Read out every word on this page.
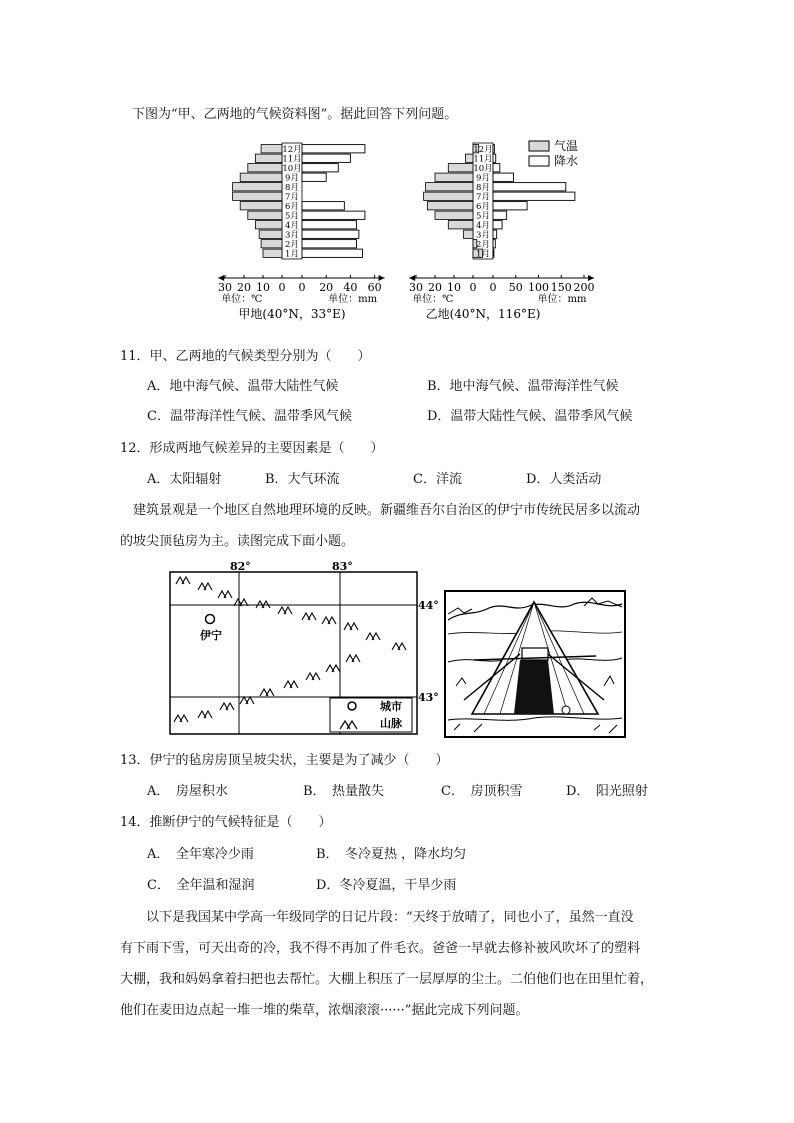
下图为“甲、乙两地的气候资料图”。据此回答下列问题。
1月
2月
3月
4月
5月
6月
7月
8月
9月
10月
11月
12月
30 20 10 0 0 20 40 60
单位：℃	单位：mm
甲地(40°N，33°E)
1月
2月
3月
4月
5月
6月
7月
8月
9月
10月
11月
12月
30 20 10 0 0 50 100 150 200
单位：℃	单位：mm
乙地(40°N，116°E)
气温
降水
11．甲、乙两地的气候类型分别为（　　）
A．地中海气候、温带大陆性气候	B．地中海气候、温带海洋性气候
C．温带海洋性气候、温带季风气候	D．温带大陆性气候、温带季风气候
12．形成两地气候差异的主要因素是（　　）
A．太阳辐射	B．大气环流	C．洋流	D．人类活动
建筑景观是一个地区自然地理环境的反映。新疆维吾尔自治区的伊宁市传统民居多以流动
的坡尖顶毡房为主。读图完成下面小题。
82°	83°
44°
43°
伊宁
城市
山脉
13．伊宁的毡房房顶呈坡尖状，主要是为了减少（　　）
A．　房屋积水	B．　热量散失	C．　房顶积雪	D．　阳光照射
14．推断伊宁的气候特征是（　　）
A．　全年寒冷少雨	B．　冬冷夏热 ，降水均匀
C．　全年温和湿润	D．冬冷夏温，干旱少雨
以下是我国某中学高一年级同学的日记片段：“天终于放晴了，同也小了，虽然一直没
有下雨下雪，可天出奇的冷，我不得不再加了件毛衣。爸爸一早就去修补被风吹坏了的塑料
大棚，我和妈妈拿着扫把也去帮忙。大棚上积压了一层厚厚的尘土。二伯他们也在田里忙着，
他们在麦田边点起一堆一堆的柴草，浓烟滚滚······”据此完成下列问题。
